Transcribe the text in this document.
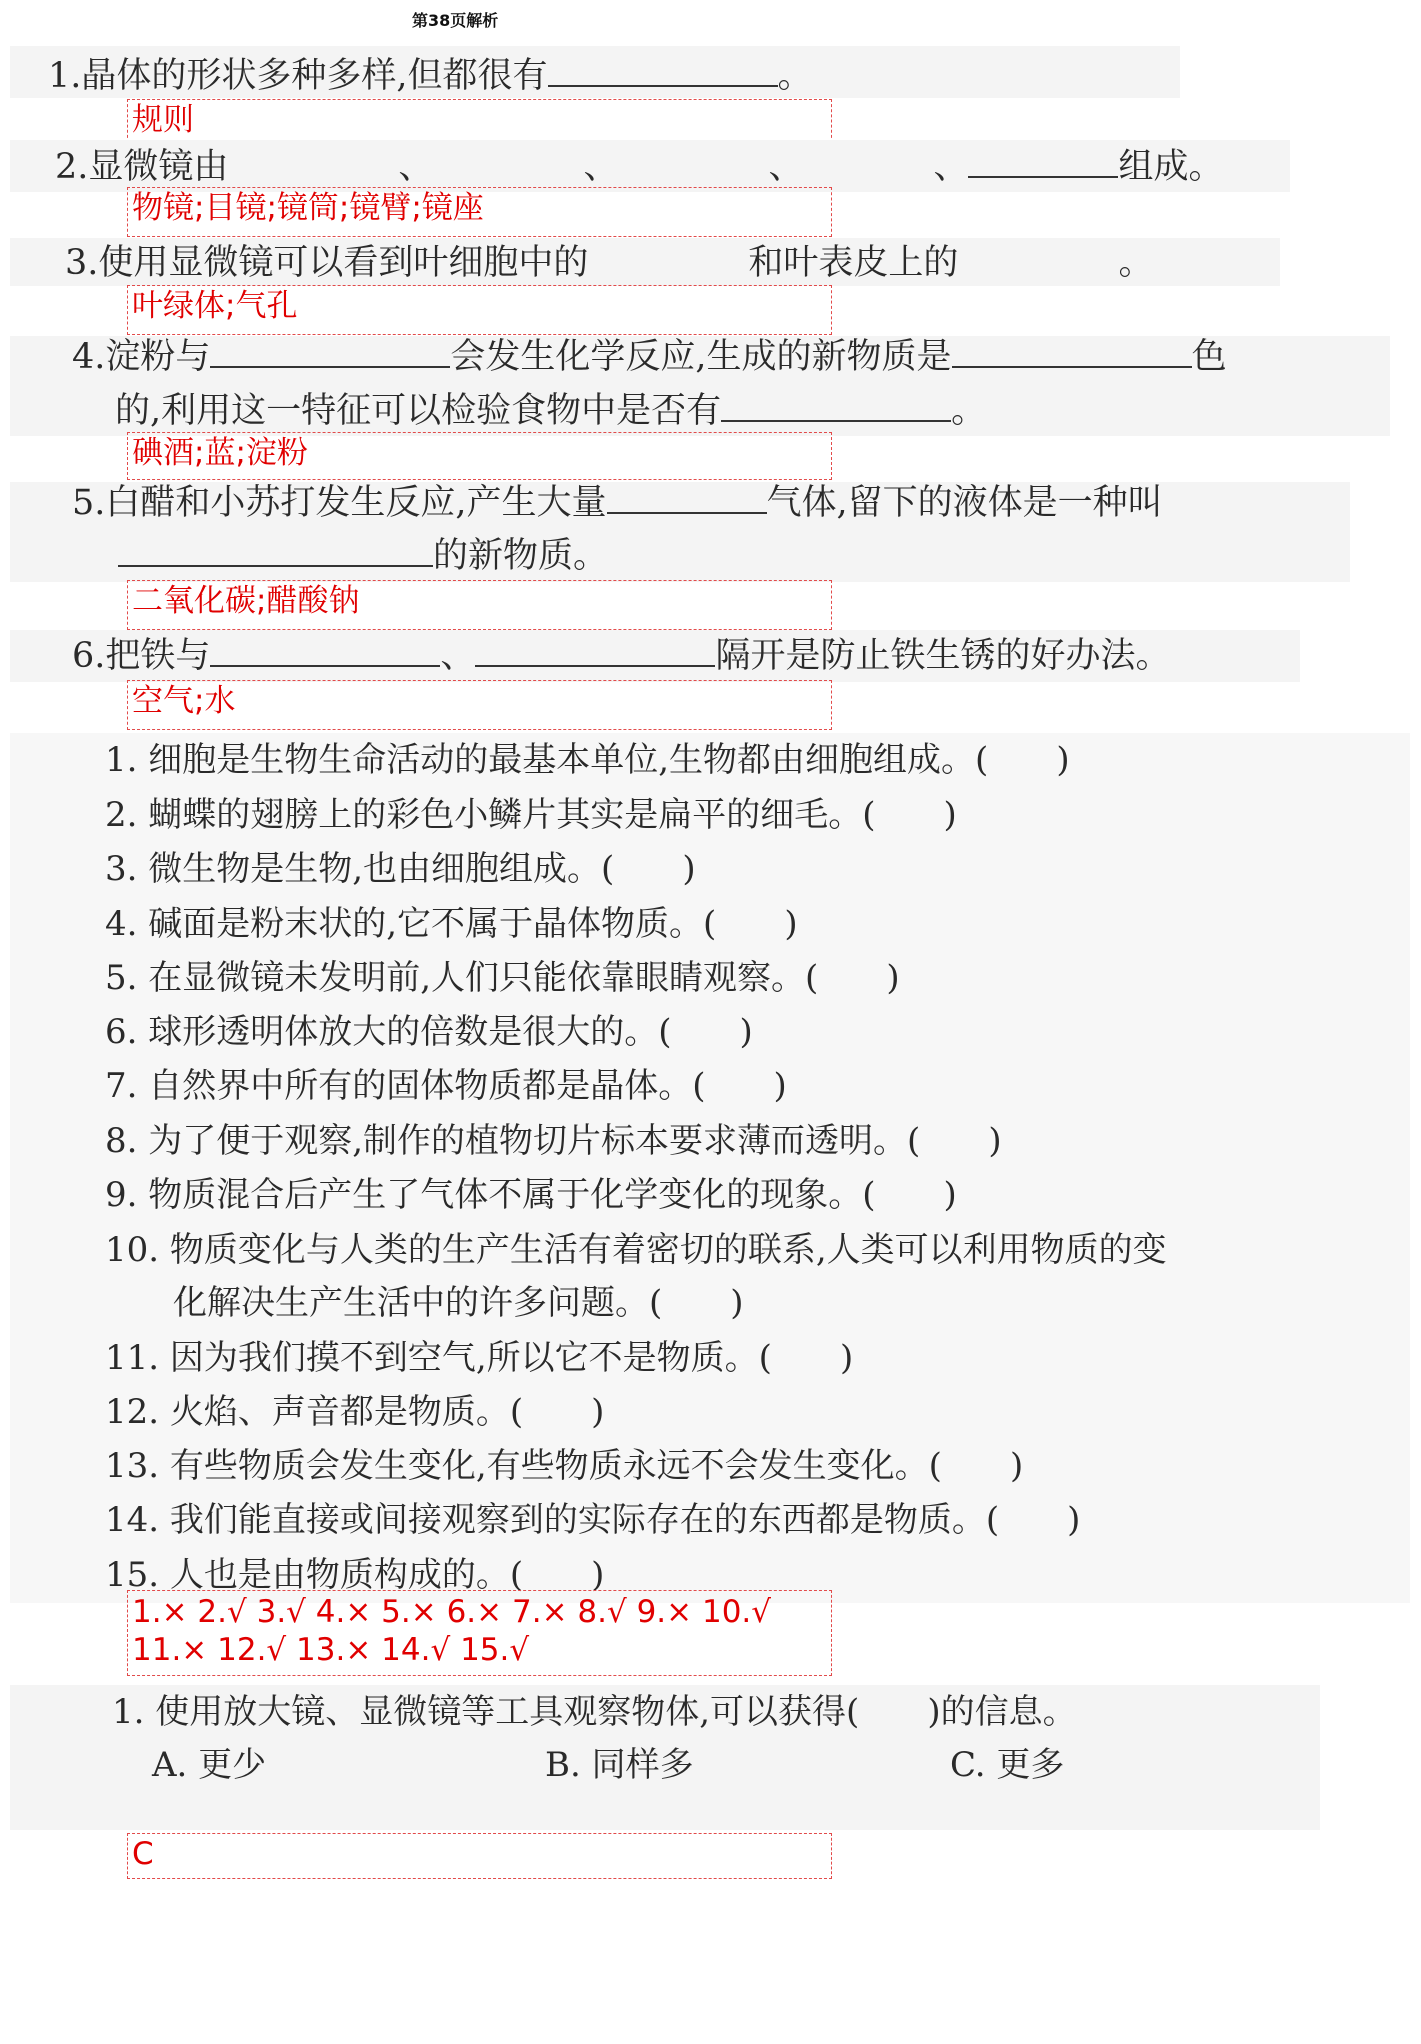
第38页解析
1.晶体的形状多种多样,但都很有	。
规则
2.显微镜由	、	、	、	、	组成。
物镜;目镜;镜筒;镜臂;镜座
3.使用显微镜可以看到叶细胞中的	和叶表皮上的	。
叶绿体;气孔
4.淀粉与	会发生化学反应,生成的新物质是	色
的,利用这一特征可以检验食物中是否有	。
碘酒;蓝;淀粉
5.白醋和小苏打发生反应,产生大量	气体,留下的液体是一种叫
的新物质。
二氧化碳;醋酸钠
6.把铁与	、	隔开是防止铁生锈的好办法。
空气;水
1. 细胞是生物生命活动的最基本单位,生物都由细胞组成。(　　)
2. 蝴蝶的翅膀上的彩色小鳞片其实是扁平的细毛。(　　)
3. 微生物是生物,也由细胞组成。(　　)
4. 碱面是粉末状的,它不属于晶体物质。(　　)
5. 在显微镜未发明前,人们只能依靠眼睛观察。(　　)
6. 球形透明体放大的倍数是很大的。(　　)
7. 自然界中所有的固体物质都是晶体。(　　)
8. 为了便于观察,制作的植物切片标本要求薄而透明。(　　)
9. 物质混合后产生了气体不属于化学变化的现象。(　　)
10. 物质变化与人类的生产生活有着密切的联系,人类可以利用物质的变
　　化解决生产生活中的许多问题。(　　)
11. 因为我们摸不到空气,所以它不是物质。(　　)
12. 火焰、声音都是物质。(　　)
13. 有些物质会发生变化,有些物质永远不会发生变化。(　　)
14. 我们能直接或间接观察到的实际存在的东西都是物质。(　　)
15. 人也是由物质构成的。(　　)
1.× 2.√ 3.√ 4.× 5.× 6.× 7.× 8.√ 9.× 10.√
11.× 12.√ 13.× 14.√ 15.√
1. 使用放大镜、显微镜等工具观察物体,可以获得(　　)的信息。
A. 更少	B. 同样多	C. 更多
C
